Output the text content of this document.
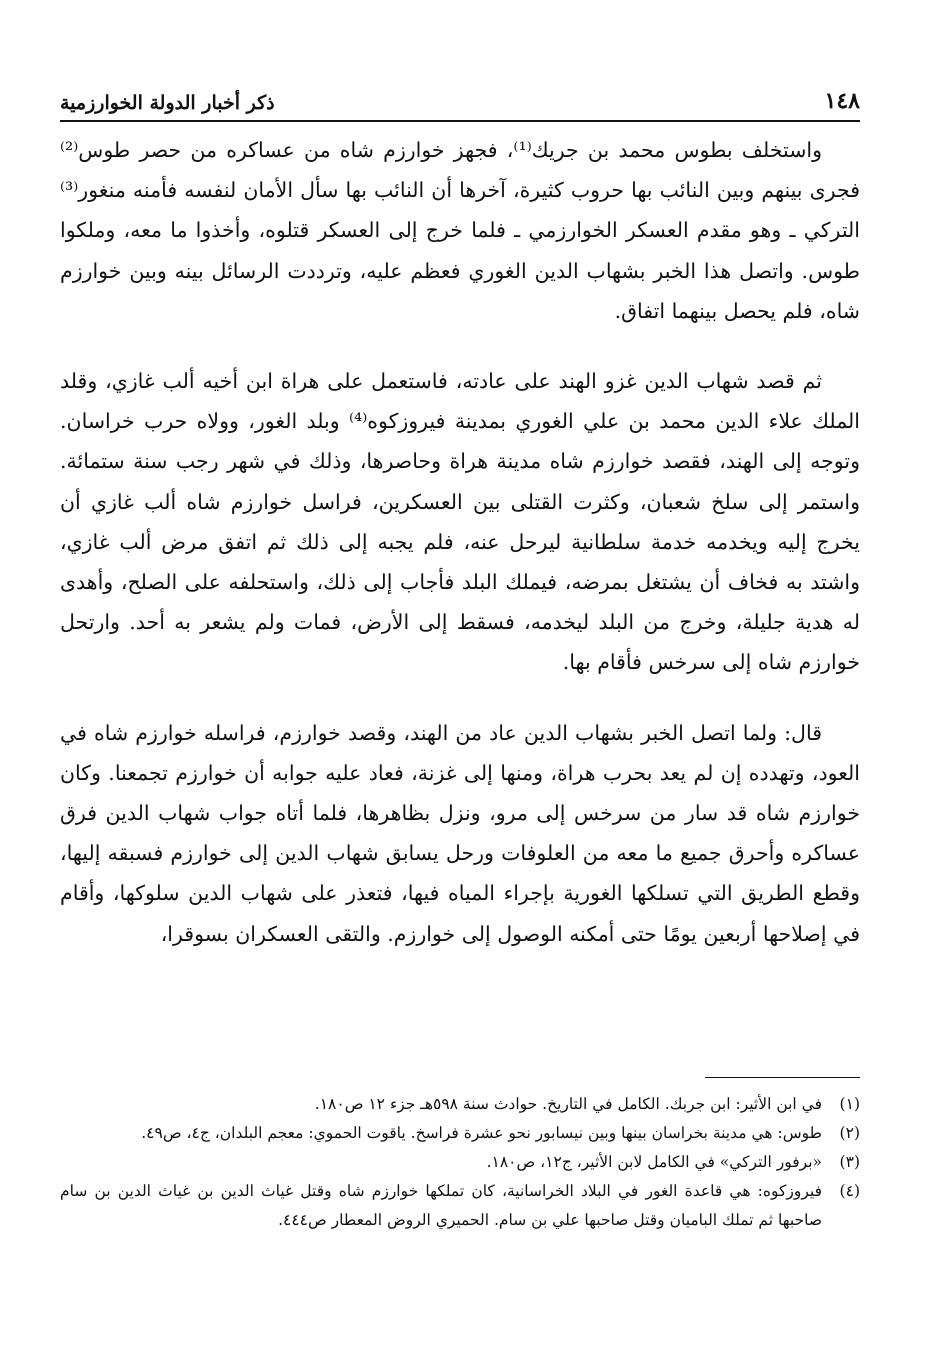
١٤٨
ذكر أخبار الدولة الخوارزمية

واستخلف بطوس محمد بن جريك⁽¹⁾، فجهز خوارزم شاه من عساكره من حصر طوس⁽²⁾ فجرى بينهم وبين النائب بها حروب كثيرة، آخرها أن النائب بها سأل الأمان لنفسه فأمنه منغور⁽³⁾ التركي ـ وهو مقدم العسكر الخوارزمي ـ فلما خرج إلى العسكر قتلوه، وأخذوا ما معه، وملكوا طوس. واتصل هذا الخبر بشهاب الدين الغوري فعظم عليه، وترددت الرسائل بينه وبين خوارزم شاه، فلم يحصل بينهما اتفاق.

ثم قصد شهاب الدين غزو الهند على عادته، فاستعمل على هراة ابن أخيه ألب غازي، وقلد الملك علاء الدين محمد بن علي الغوري بمدينة فيروزكوه⁽⁴⁾ وبلد الغور، وولاه حرب خراسان. وتوجه إلى الهند، فقصد خوارزم شاه مدينة هراة وحاصرها، وذلك في شهر رجب سنة ستمائة. واستمر إلى سلخ شعبان، وكثرت القتلى بين العسكرين، فراسل خوارزم شاه ألب غازي أن يخرج إليه ويخدمه خدمة سلطانية ليرحل عنه، فلم يجبه إلى ذلك ثم اتفق مرض ألب غازي، واشتد به فخاف أن يشتغل بمرضه، فيملك البلد فأجاب إلى ذلك، واستحلفه على الصلح، وأهدى له هدية جليلة، وخرج من البلد ليخدمه، فسقط إلى الأرض، فمات ولم يشعر به أحد. وارتحل خوارزم شاه إلى سرخس فأقام بها.

قال: ولما اتصل الخبر بشهاب الدين عاد من الهند، وقصد خوارزم، فراسله خوارزم شاه في العود، وتهدده إن لم يعد بحرب هراة، ومنها إلى غزنة، فعاد عليه جوابه أن خوارزم تجمعنا. وكان خوارزم شاه قد سار من سرخس إلى مرو، ونزل بظاهرها، فلما أتاه جواب شهاب الدين فرق عساكره وأحرق جميع ما معه من العلوفات ورحل يسابق شهاب الدين إلى خوارزم فسبقه إليها، وقطع الطريق التي تسلكها الغورية بإجراء المياه فيها، فتعذر على شهاب الدين سلوكها، وأقام في إصلاحها أربعين يومًا حتى أمكنه الوصول إلى خوارزم. والتقى العسكران بسوقرا،

(١)
في ابن الأثير: ابن جربك. الكامل في التاريخ. حوادث سنة ٥٩٨هـ جزء ١٢ ص١٨٠.
(٢)
طوس: هي مدينة بخراسان بينها وبين نيسابور نحو عشرة فراسخ. ياقوت الحموي: معجم البلدان، ج٤، ص٤٩.
(٣)
«برفور التركي» في الكامل لابن الأثير، ج١٢، ص١٨٠.
(٤)
فيروزكوه: هي قاعدة الغور في البلاد الخراسانية، كان تملكها خوارزم شاه وقتل غياث الدين بن غياث الدين بن سام صاحبها ثم تملك الباميان وقتل صاحبها علي بن سام. الحميري الروض المعطار ص٤٤٤.
